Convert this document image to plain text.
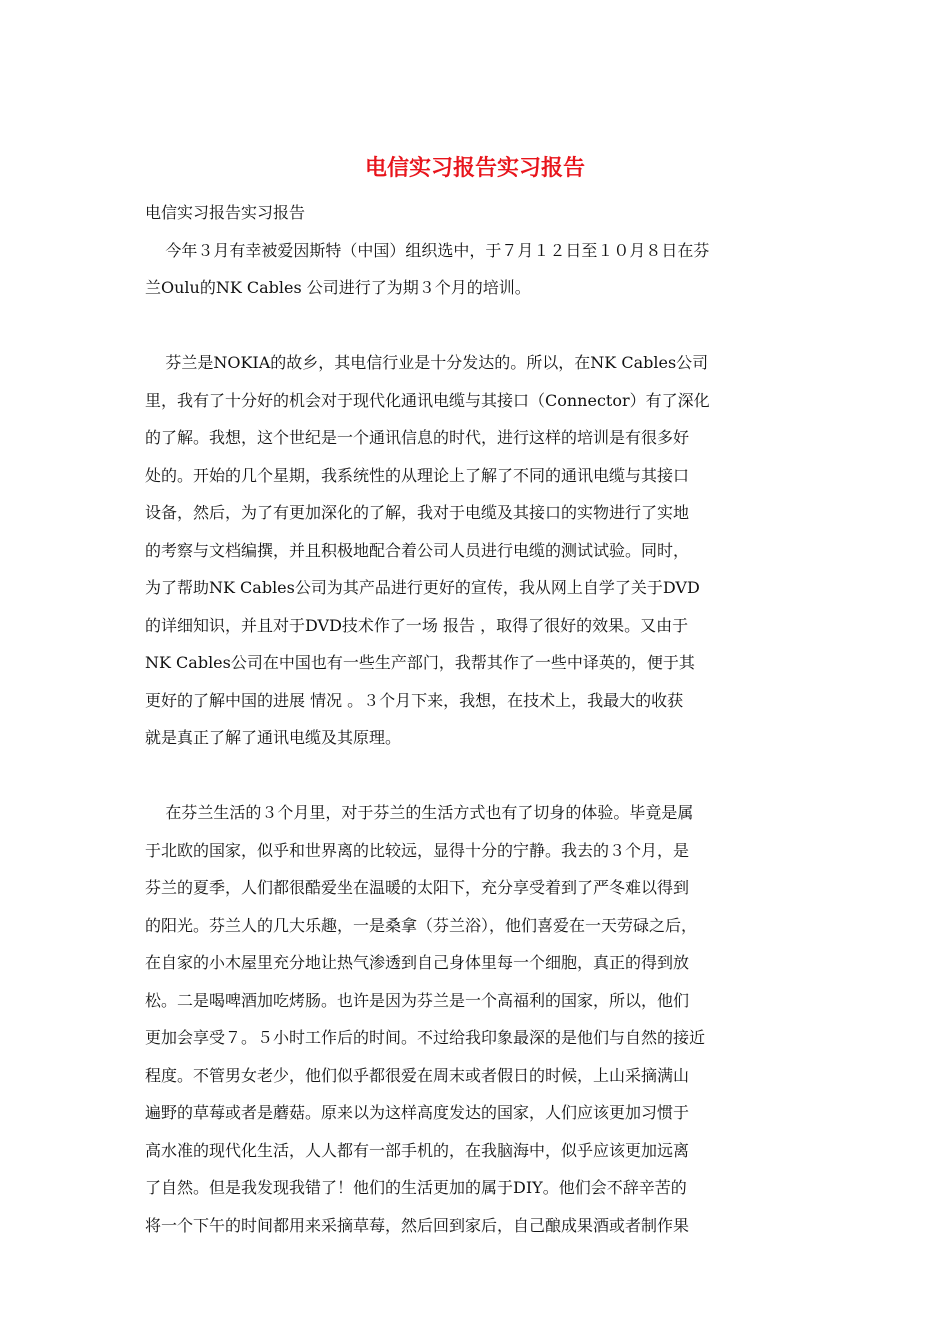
电信实习报告实习报告
电信实习报告实习报告
今年３月有幸被爱因斯特（中国）组织选中，于７月１２日至１０月８日在芬
兰Oulu的NK Cables 公司进行了为期３个月的培训。
芬兰是NOKIA的故乡，其电信行业是十分发达的。所以，在NK Cables公司
里，我有了十分好的机会对于现代化通讯电缆与其接口（Connector）有了深化
的了解。我想，这个世纪是一个通讯信息的时代，进行这样的培训是有很多好
处的。开始的几个星期，我系统性的从理论上了解了不同的通讯电缆与其接口
设备，然后，为了有更加深化的了解，我对于电缆及其接口的实物进行了实地
的考察与文档编撰，并且积极地配合着公司人员进行电缆的测试试验。同时，
为了帮助NK Cables公司为其产品进行更好的宣传，我从网上自学了关于DVD
的详细知识，并且对于DVD技术作了一场 报告 ，取得了很好的效果。又由于
NK Cables公司在中国也有一些生产部门，我帮其作了一些中译英的，便于其
更好的了解中国的进展 情况 。３个月下来，我想，在技术上，我最大的收获
就是真正了解了通讯电缆及其原理。
在芬兰生活的３个月里，对于芬兰的生活方式也有了切身的体验。毕竟是属
于北欧的国家，似乎和世界离的比较远，显得十分的宁静。我去的３个月，是
芬兰的夏季，人们都很酷爱坐在温暖的太阳下，充分享受着到了严冬难以得到
的阳光。芬兰人的几大乐趣，一是桑拿（芬兰浴），他们喜爱在一天劳碌之后，
在自家的小木屋里充分地让热气渗透到自己身体里每一个细胞，真正的得到放
松。二是喝啤酒加吃烤肠。也许是因为芬兰是一个高福利的国家，所以，他们
更加会享受７。５小时工作后的时间。不过给我印象最深的是他们与自然的接近
程度。不管男女老少，他们似乎都很爱在周末或者假日的时候，上山采摘满山
遍野的草莓或者是蘑菇。原来以为这样高度发达的国家，人们应该更加习惯于
高水准的现代化生活，人人都有一部手机的，在我脑海中，似乎应该更加远离
了自然。但是我发现我错了！他们的生活更加的属于DIY。他们会不辞辛苦的
将一个下午的时间都用来采摘草莓，然后回到家后，自己酿成果酒或者制作果
